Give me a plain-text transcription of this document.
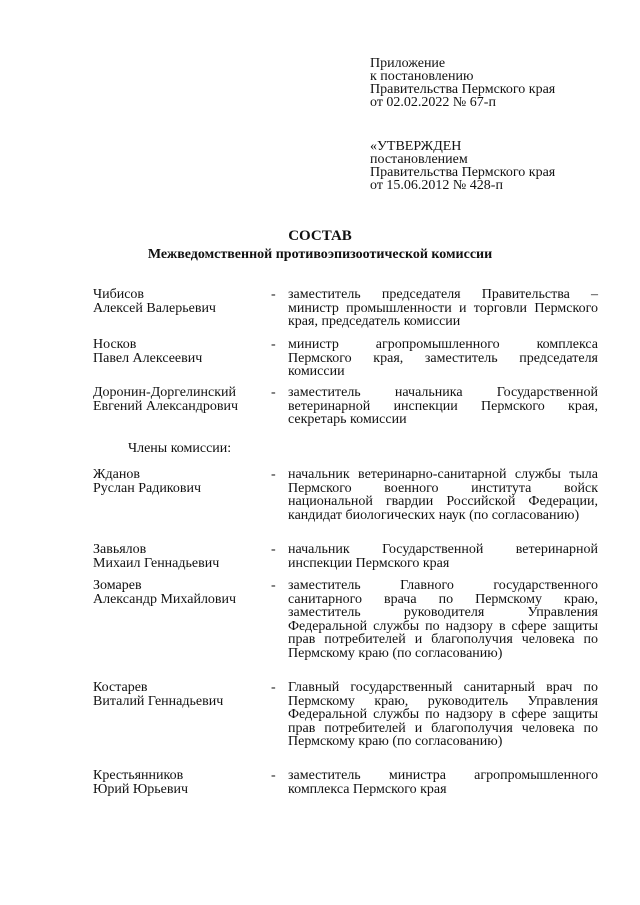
Приложение
к постановлению
Правительства Пермского края
от 02.02.2022 № 67-п
«УТВЕРЖДЕН
постановлением
Правительства Пермского края
от 15.06.2012 № 428-п
СОСТАВ
Межведомственной противоэпизоотической комиссии
Чибисов
Алексей Валерьевич
- заместитель председателя Правительства – министр промышленности и торговли Пермского края, председатель комиссии
Носков
Павел Алексеевич
- министр агропромышленного комплекса Пермского края, заместитель председателя комиссии
Доронин-Доргелинский
Евгений Александрович
- заместитель начальника Государственной ветеринарной инспекции Пермского края, секретарь комиссии
Члены комиссии:
Жданов
Руслан Радикович
- начальник ветеринарно-санитарной службы тыла Пермского военного института войск национальной гвардии Российской Федерации, кандидат биологических наук (по согласованию)
Завьялов
Михаил Геннадьевич
- начальник Государственной ветеринарной инспекции Пермского края
Зомарев
Александр Михайлович
- заместитель Главного государственного санитарного врача по Пермскому краю, заместитель руководителя Управления Федеральной службы по надзору в сфере защиты прав потребителей и благополучия человека по Пермскому краю (по согласованию)
Костарев
Виталий Геннадьевич
- Главный государственный санитарный врач по Пермскому краю, руководитель Управления Федеральной службы по надзору в сфере защиты прав потребителей и благополучия человека по Пермскому краю (по согласованию)
Крестьянников
Юрий Юрьевич
- заместитель министра агропромышленного комплекса Пермского края
